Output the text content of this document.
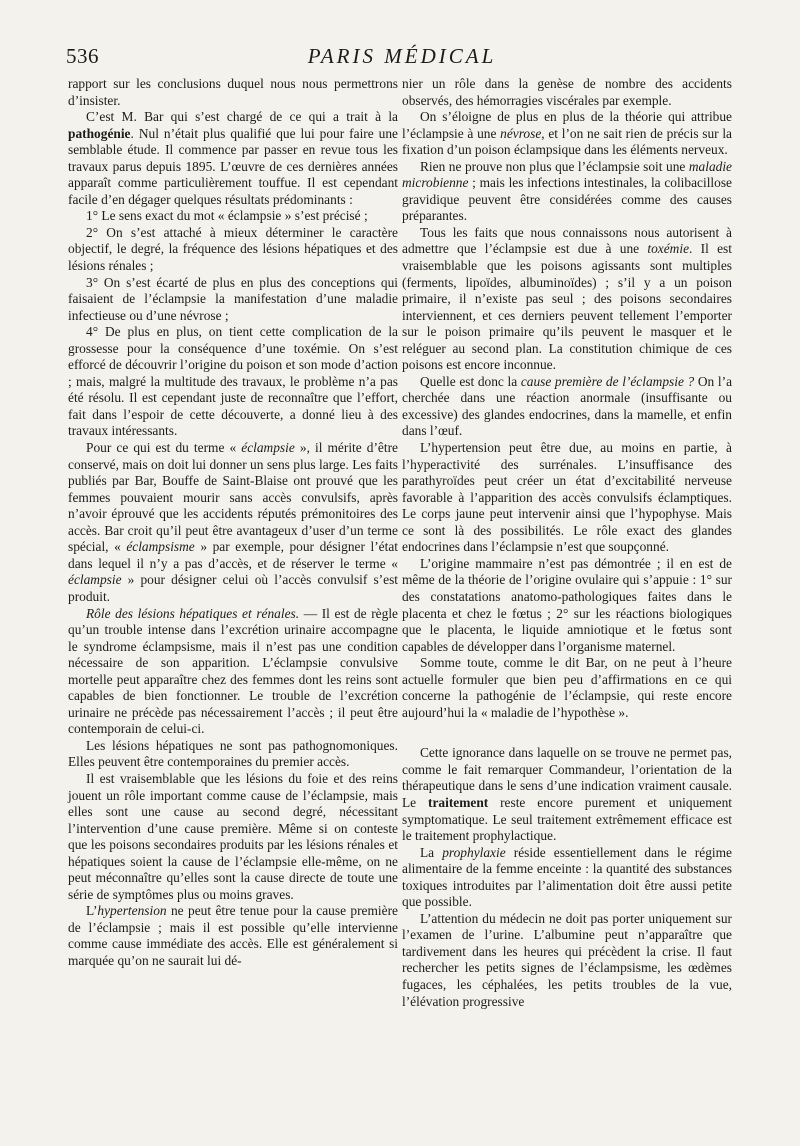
536	PARIS MÉDICAL

rapport sur les conclusions duquel nous nous permettrons d’insister.

C’est M. Bar qui s’est chargé de ce qui a trait à la pathogénie. Nul n’était plus qualifié que lui pour faire une semblable étude. Il commence par passer en revue tous les travaux parus depuis 1895. L’œuvre de ces dernières années apparaît comme particulièrement touffue. Il est cependant facile d’en dégager quelques résultats prédominants :

1° Le sens exact du mot « éclampsie » s’est précisé ;

2° On s’est attaché à mieux déterminer le caractère objectif, le degré, la fréquence des lésions hépatiques et des lésions rénales ;

3° On s’est écarté de plus en plus des conceptions qui faisaient de l’éclampsie la manifestation d’une maladie infectieuse ou d’une névrose ;

4° De plus en plus, on tient cette complication de la grossesse pour la conséquence d’une toxémie. On s’est efforcé de découvrir l’origine du poison et son mode d’action ; mais, malgré la multitude des travaux, le problème n’a pas été résolu. Il est cependant juste de reconnaître que l’effort, fait dans l’espoir de cette découverte, a donné lieu à des travaux intéressants.

Pour ce qui est du terme « éclampsie », il mérite d’être conservé, mais on doit lui donner un sens plus large. Les faits publiés par Bar, Bouffe de Saint-Blaise ont prouvé que les femmes pouvaient mourir sans accès convulsifs, après n’avoir éprouvé que les accidents réputés prémonitoires des accès. Bar croit qu’il peut être avantageux d’user d’un terme spécial, « éclampsisme » par exemple, pour désigner l’état dans lequel il n’y a pas d’accès, et de réserver le terme « éclampsie » pour désigner celui où l’accès convulsif s’est produit.

Rôle des lésions hépatiques et rénales. — Il est de règle qu’un trouble intense dans l’excrétion urinaire accompagne le syndrome éclampsisme, mais il n’est pas une condition nécessaire de son apparition. L’éclampsie convulsive mortelle peut apparaître chez des femmes dont les reins sont capables de bien fonctionner. Le trouble de l’excrétion urinaire ne précède pas nécessairement l’accès ; il peut être contemporain de celui-ci.

Les lésions hépatiques ne sont pas pathognomoniques. Elles peuvent être contemporaines du premier accès.

Il est vraisemblable que les lésions du foie et des reins jouent un rôle important comme cause de l’éclampsie, mais elles sont une cause au second degré, nécessitant l’intervention d’une cause première. Même si on conteste que les poisons secondaires produits par les lésions rénales et hépatiques soient la cause de l’éclampsie elle-même, on ne peut méconnaître qu’elles sont la cause directe de toute une série de symptômes plus ou moins graves.

L’hypertension ne peut être tenue pour la cause première de l’éclampsie ; mais il est possible qu’elle intervienne comme cause immédiate des accès. Elle est généralement si marquée qu’on ne saurait lui dé-

nier un rôle dans la genèse de nombre des accidents observés, des hémorragies viscérales par exemple.

On s’éloigne de plus en plus de la théorie qui attribue l’éclampsie à une névrose, et l’on ne sait rien de précis sur la fixation d’un poison éclampsique dans les éléments nerveux.

Rien ne prouve non plus que l’éclampsie soit une maladie microbienne ; mais les infections intestinales, la colibacillose gravidique peuvent être considérées comme des causes préparantes.

Tous les faits que nous connaissons nous autorisent à admettre que l’éclampsie est due à une toxémie. Il est vraisemblable que les poisons agissants sont multiples (ferments, lipoïdes, albuminoïdes) ; s’il y a un poison primaire, il n’existe pas seul ; des poisons secondaires interviennent, et ces derniers peuvent tellement l’emporter sur le poison primaire qu’ils peuvent le masquer et le reléguer au second plan. La constitution chimique de ces poisons est encore inconnue.

Quelle est donc la cause première de l’éclampsie ? On l’a cherchée dans une réaction anormale (insuffisante ou excessive) des glandes endocrines, dans la mamelle, et enfin dans l’œuf.

L’hypertension peut être due, au moins en partie, à l’hyperactivité des surrénales. L’insuffisance des parathyroïdes peut créer un état d’excitabilité nerveuse favorable à l’apparition des accès convulsifs éclamptiques. Le corps jaune peut intervenir ainsi que l’hypophyse. Mais ce sont là des possibilités. Le rôle exact des glandes endocrines dans l’éclampsie n’est que soupçonné.

L’origine mammaire n’est pas démontrée ; il en est de même de la théorie de l’origine ovulaire qui s’appuie : 1° sur des constatations anatomo-pathologiques faites dans le placenta et chez le fœtus ; 2° sur les réactions biologiques que le placenta, le liquide amniotique et le fœtus sont capables de développer dans l’organisme maternel.

Somme toute, comme le dit Bar, on ne peut à l’heure actuelle formuler que bien peu d’affirmations en ce qui concerne la pathogénie de l’éclampsie, qui reste encore aujourd’hui la « maladie de l’hypothèse ».

Cette ignorance dans laquelle on se trouve ne permet pas, comme le fait remarquer Commandeur, l’orientation de la thérapeutique dans le sens d’une indication vraiment causale. Le traitement reste encore purement et uniquement symptomatique. Le seul traitement extrêmement efficace est le traitement prophylactique.

La prophylaxie réside essentiellement dans le régime alimentaire de la femme enceinte : la quantité des substances toxiques introduites par l’alimentation doit être aussi petite que possible.

L’attention du médecin ne doit pas porter uniquement sur l’examen de l’urine. L’albumine peut n’apparaître que tardivement dans les heures qui précèdent la crise. Il faut rechercher les petits signes de l’éclampsisme, les œdèmes fugaces, les céphalées, les petits troubles de la vue, l’élévation progressive
